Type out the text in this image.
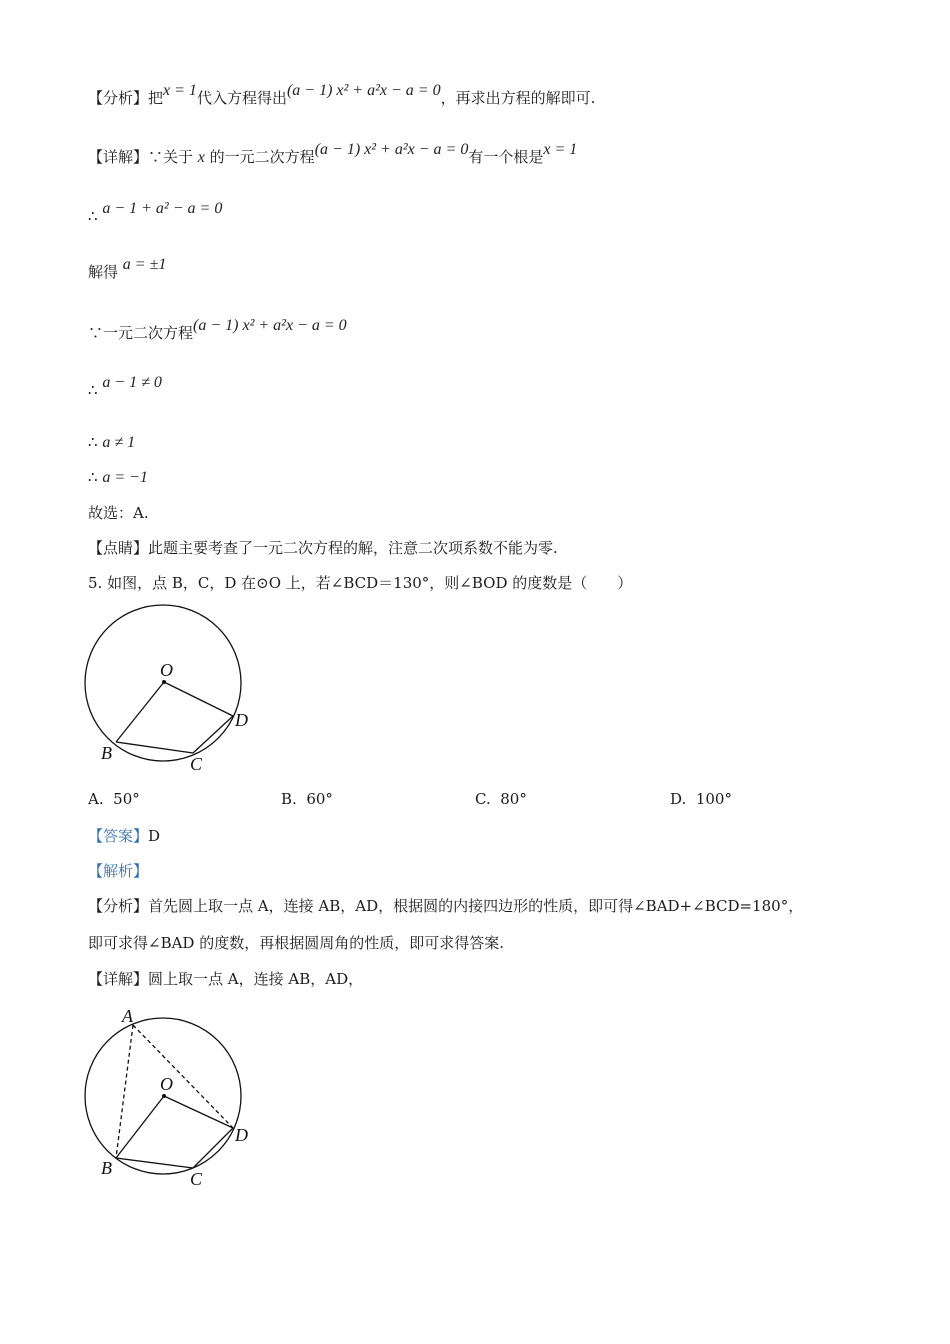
【分析】把x = 1代入方程得出(a − 1) x² + a²x − a = 0，再求出方程的解即可.
【详解】∵关于 x 的一元二次方程(a − 1) x² + a²x − a = 0有一个根是x = 1
∴ a − 1 + a² − a = 0
解得 a = ±1
∵一元二次方程(a − 1) x² + a²x − a = 0
∴ a − 1 ≠ 0
∴ a ≠ 1
∴ a = −1
故选：A.
【点睛】此题主要考查了一元二次方程的解，注意二次项系数不能为零.
5. 如图，点 B，C，D 在⊙O 上，若∠BCD＝130°，则∠BOD 的度数是（　　）
O
B
C
D
A. 50°	B. 60°	C. 80°	D. 100°
【答案】D
【解析】
【分析】首先圆上取一点 A，连接 AB，AD，根据圆的内接四边形的性质，即可得∠BAD+∠BCD=180°，
即可求得∠BAD 的度数，再根据圆周角的性质，即可求得答案.
【详解】圆上取一点 A，连接 AB，AD，
A
O
B
C
D
